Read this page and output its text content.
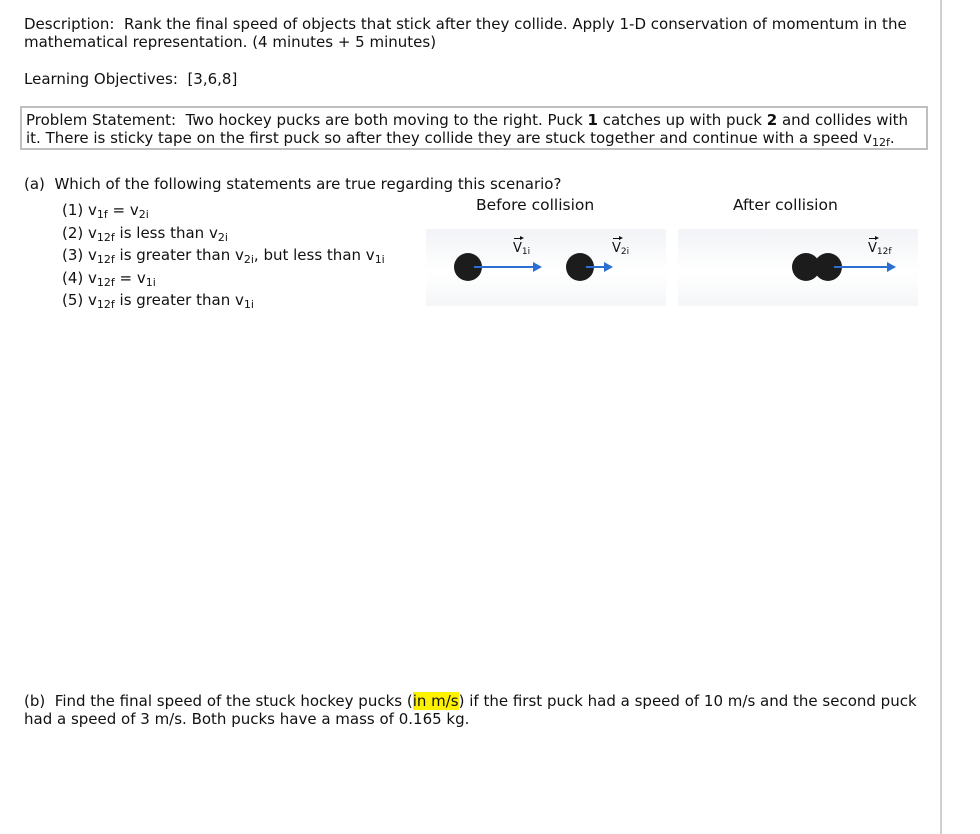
Description: Rank the final speed of objects that stick after they collide. Apply 1-D conservation of momentum in the mathematical representation. (4 minutes + 5 minutes)
Learning Objectives: [3,6,8]
Problem Statement: Two hockey pucks are both moving to the right. Puck 1 catches up with puck 2 and collides with it. There is sticky tape on the first puck so after they collide they are stuck together and continue with a speed $v_{12f}$.
(a) Which of the following statements are true regarding this scenario?
(1) $v_{1f} = v_{2i}$
(2) $v_{12f}$ is less than $v_{2i}$
(3) $v_{12f}$ is greater than $v_{2i}$, but less than $v_{1i}$
(4) $v_{12f} = v_{1i}$
(5) $v_{12f}$ is greater than $v_{1i}$
Before collision	After collision
$V_{1i}$	$V_{2i}$	$V_{12f}$
(b) Find the final speed of the stuck hockey pucks (in m/s) if the first puck had a speed of 10 m/s and the second puck had a speed of 3 m/s. Both pucks have a mass of 0.165 kg.
